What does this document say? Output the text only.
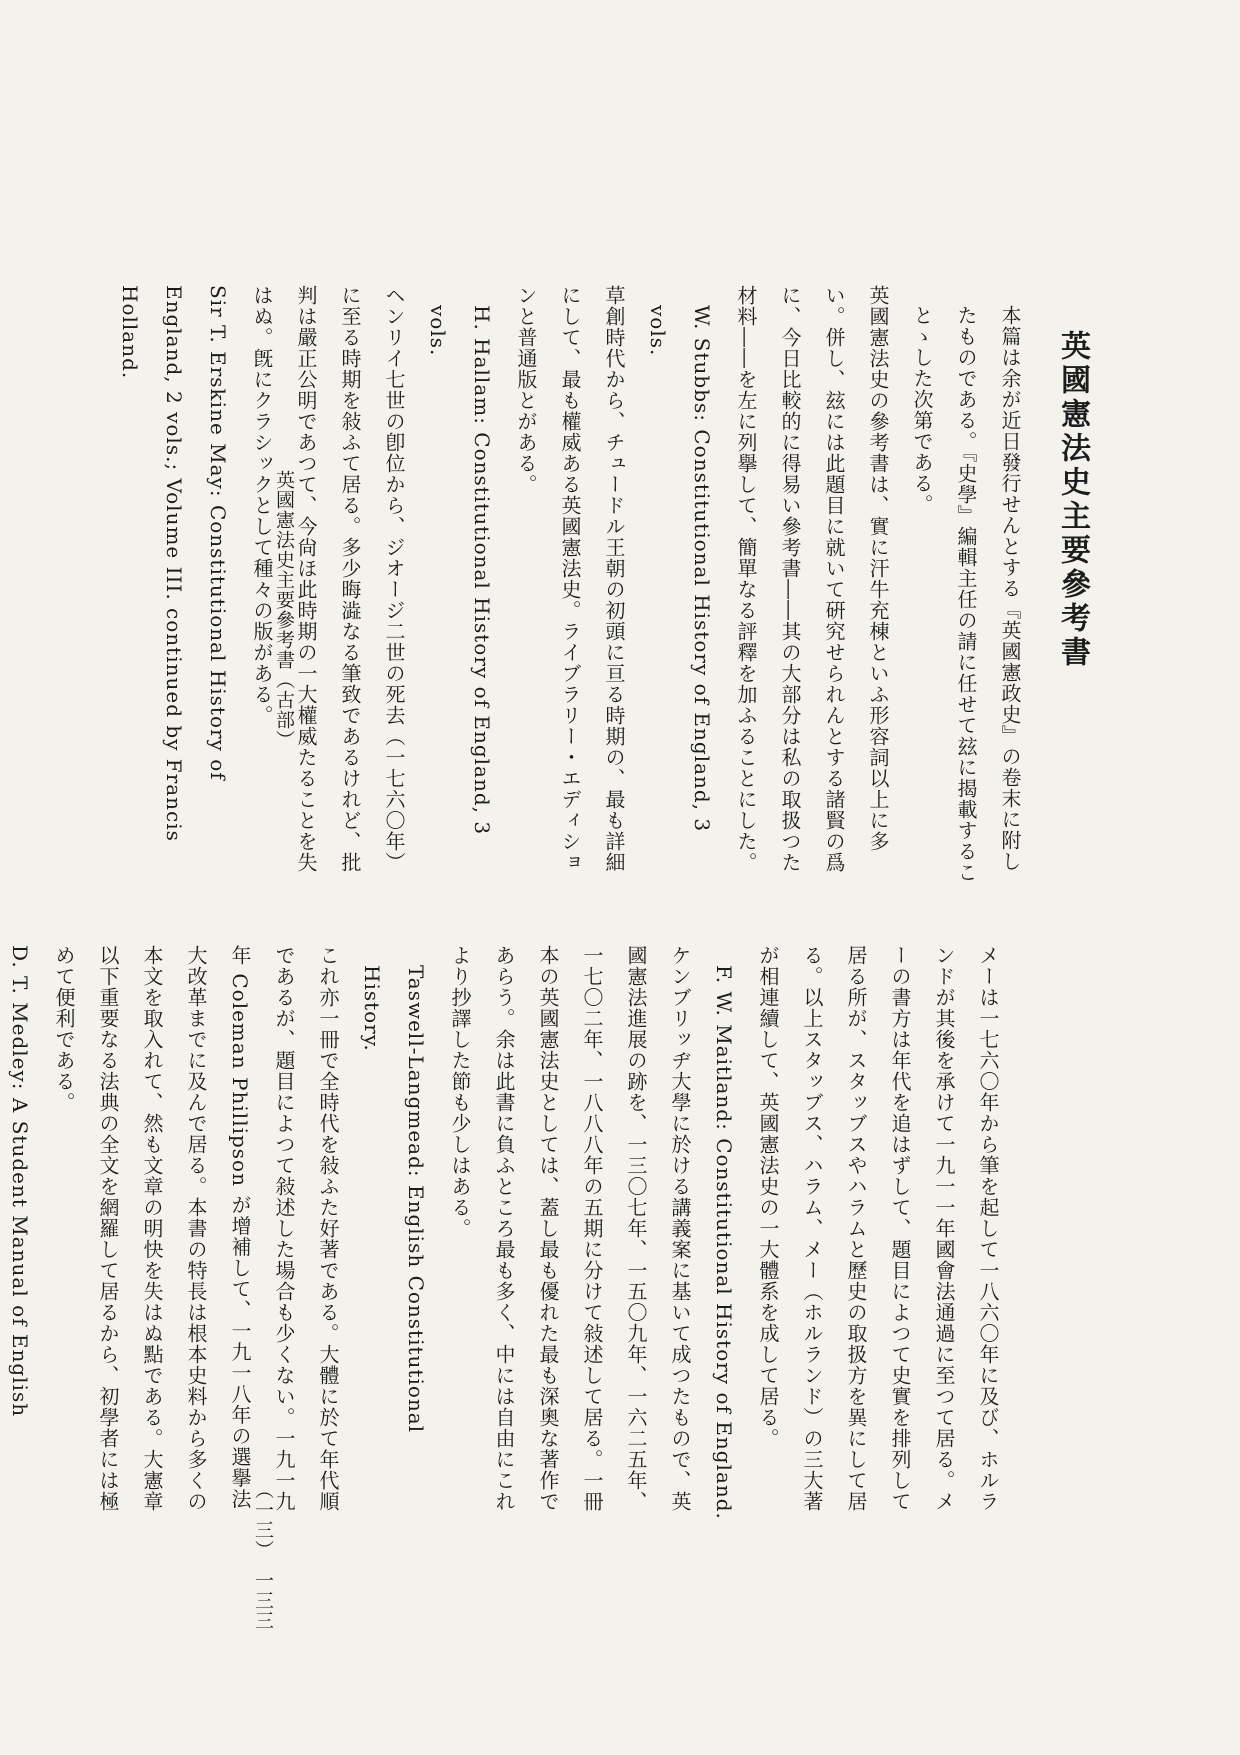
英國憲法史主要參考書

本篇は余が近日發行せんとする『英國憲政史』の卷末に附したものである。『史學』編輯主任の請に任せて玆に揭載することゝした次第である。

英國憲法史の參考書は、實に汗牛充棟といふ形容詞以上に多い。併し、玆には此題目に就いて硏究せられんとする諸賢の爲に、今日比較的に得易い參考書――其の大部分は私の取扱つた材料――を左に列擧して、簡單なる評釋を加ふることにした。

W. Stubbs: Constitutional History of England, 3 vols.

草創時代から、チュードル王朝の初頭に亘る時期の、最も詳細にして、最も權威ある英國憲法史。ライブラリー・エディションと普通版とがある。

H. Hallam: Constitutional History of England, 3 vols.

ヘンリイ七世の卽位から、ジオージ二世の死去（一七六〇年）に至る時期を敍ふて居る。多少晦澁なる筆致であるけれど、批判は嚴正公明であつて、今尙ほ此時期の一大權威たることを失はぬ。旣にクラシックとして種々の版がある。

Sir T. Erskine May: Constitutional History of England, 2 vols.; Volume III. continued by Francis Holland.

メーは一七六〇年から筆を起して一八六〇年に及び、ホルランドが其後を承けて一九一一年國會法通過に至つて居る。メーの書方は年代を追はずして、題目によつて史實を排列して居る所が、スタッブスやハラムと歷史の取扱方を異にして居る。以上スタッブス、ハラム、メー（ホルランド）の三大著が相連續して、英國憲法史の一大體系を成して居る。

F. W. Maitland: Constitutional History of England.

ケンブリッヂ大學に於ける講義案に基いて成つたもので、英國憲法進展の跡を、一三〇七年、一五〇九年、一六二五年、一七〇二年、一八八八年の五期に分けて敍述して居る。一冊本の英國憲法史としては、蓋し最も優れた最も深奧な著作であらう。余は此書に負ふところ最も多く、中には自由にこれより抄譯した節も少しはある。

Taswell-Langmead: English Constitutional History.

これ亦一冊で全時代を敍ふた好著である。大體に於て年代順であるが、題目によつて敍述した場合も少くない。一九一九年 Coleman Phillipson が增補して、一九一八年の選擧法大改革までに及んで居る。本書の特長は根本史料から多くの本文を取入れて、然も文章の明快を失はぬ點である。大憲章以下重要なる法典の全文を網羅して居るから、初學者には極めて便利である。

D. T. Medley: A Student Manual of English

英國憲法史主要參考書（古部）
（一三）　一三三
